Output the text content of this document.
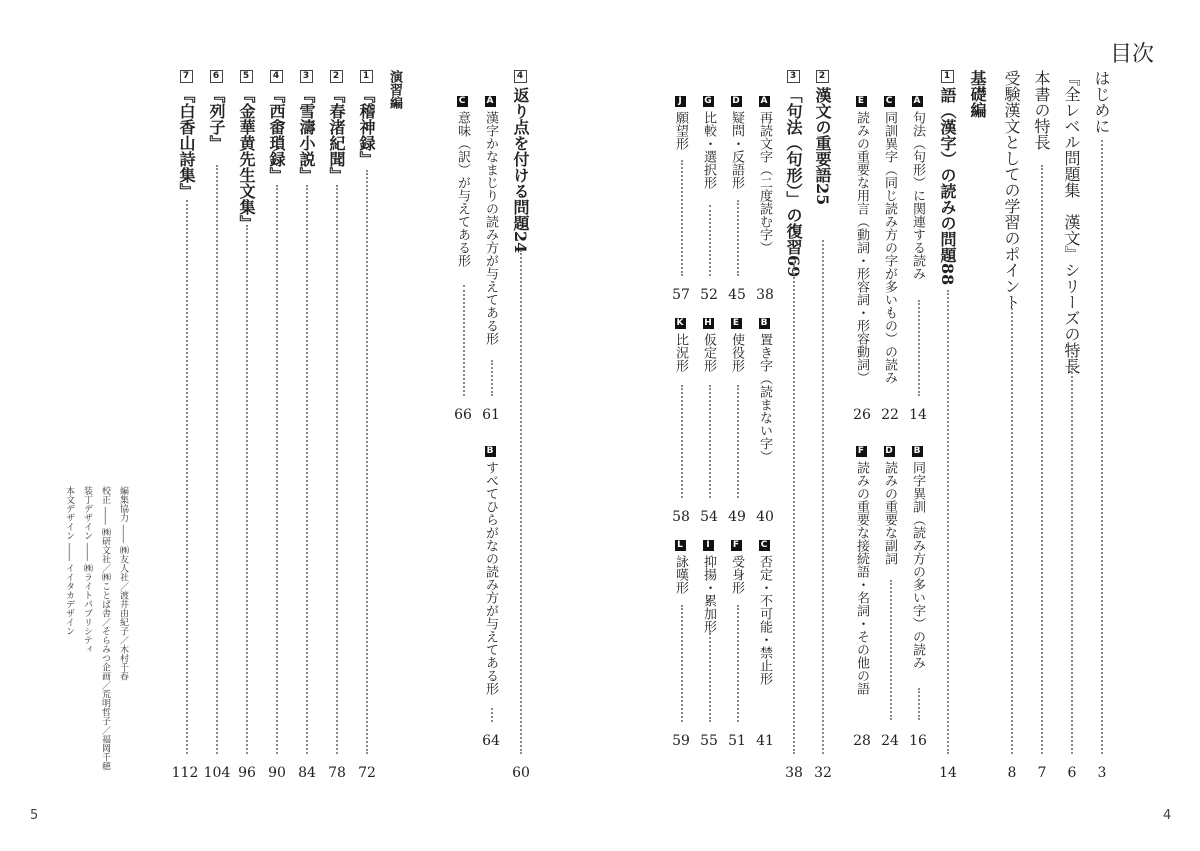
目次
はじめに
3
『全レベル問題集　漢文』シリーズの特長
6
本書の特長
7
受験漢文としての学習のポイント
8
基礎編
1語（漢字）の読みの問題88
14
A句法（句形）に関連する読み
14
B同字異訓（読み方の多い字）の読み
16
C同訓異字（同じ読み方の字が多いもの）の読み
22
D読みの重要な副詞
24
E読みの重要な用言（動詞・形容詞・形容動詞）
26
F読みの重要な接続語・名詞・その他の語
28
2漢文の重要語25
32
3「句法（句形）」の復習69
38
A再読文字（二度読む字）
38
B置き字（読まない字）
40
C否定・不可能・禁止形
41
D疑問・反語形
45
E使役形
49
F受身形
51
G比較・選択形
52
H仮定形
54
I抑揚・累加形
55
J願望形
57
K比況形
58
L詠嘆形
59
4
4返り点を付ける問題24
60
A漢字かなまじりの読み方が与えてある形
61
Bすべてひらがなの読み方が与えてある形
64
C意味（訳）が与えてある形
66
演習編
1『稽神録』
72
2『春渚紀聞』
78
3『雪濤小説』
84
4『西畬瑣録』
90
5『金華黄先生文集』
96
6『列子』
104
7『白香山詩集』
112
編集協力 ―― ㈱友人社／渡井由紀子／木村千春
校正 ―― ㈱研文社／㈱ことば舎／そらみつ企画／荒明哲子／福岡千穂
装丁デザイン ―― ㈱ライトパブリシティ
本文デザイン ―― イイタカデザイン
5
